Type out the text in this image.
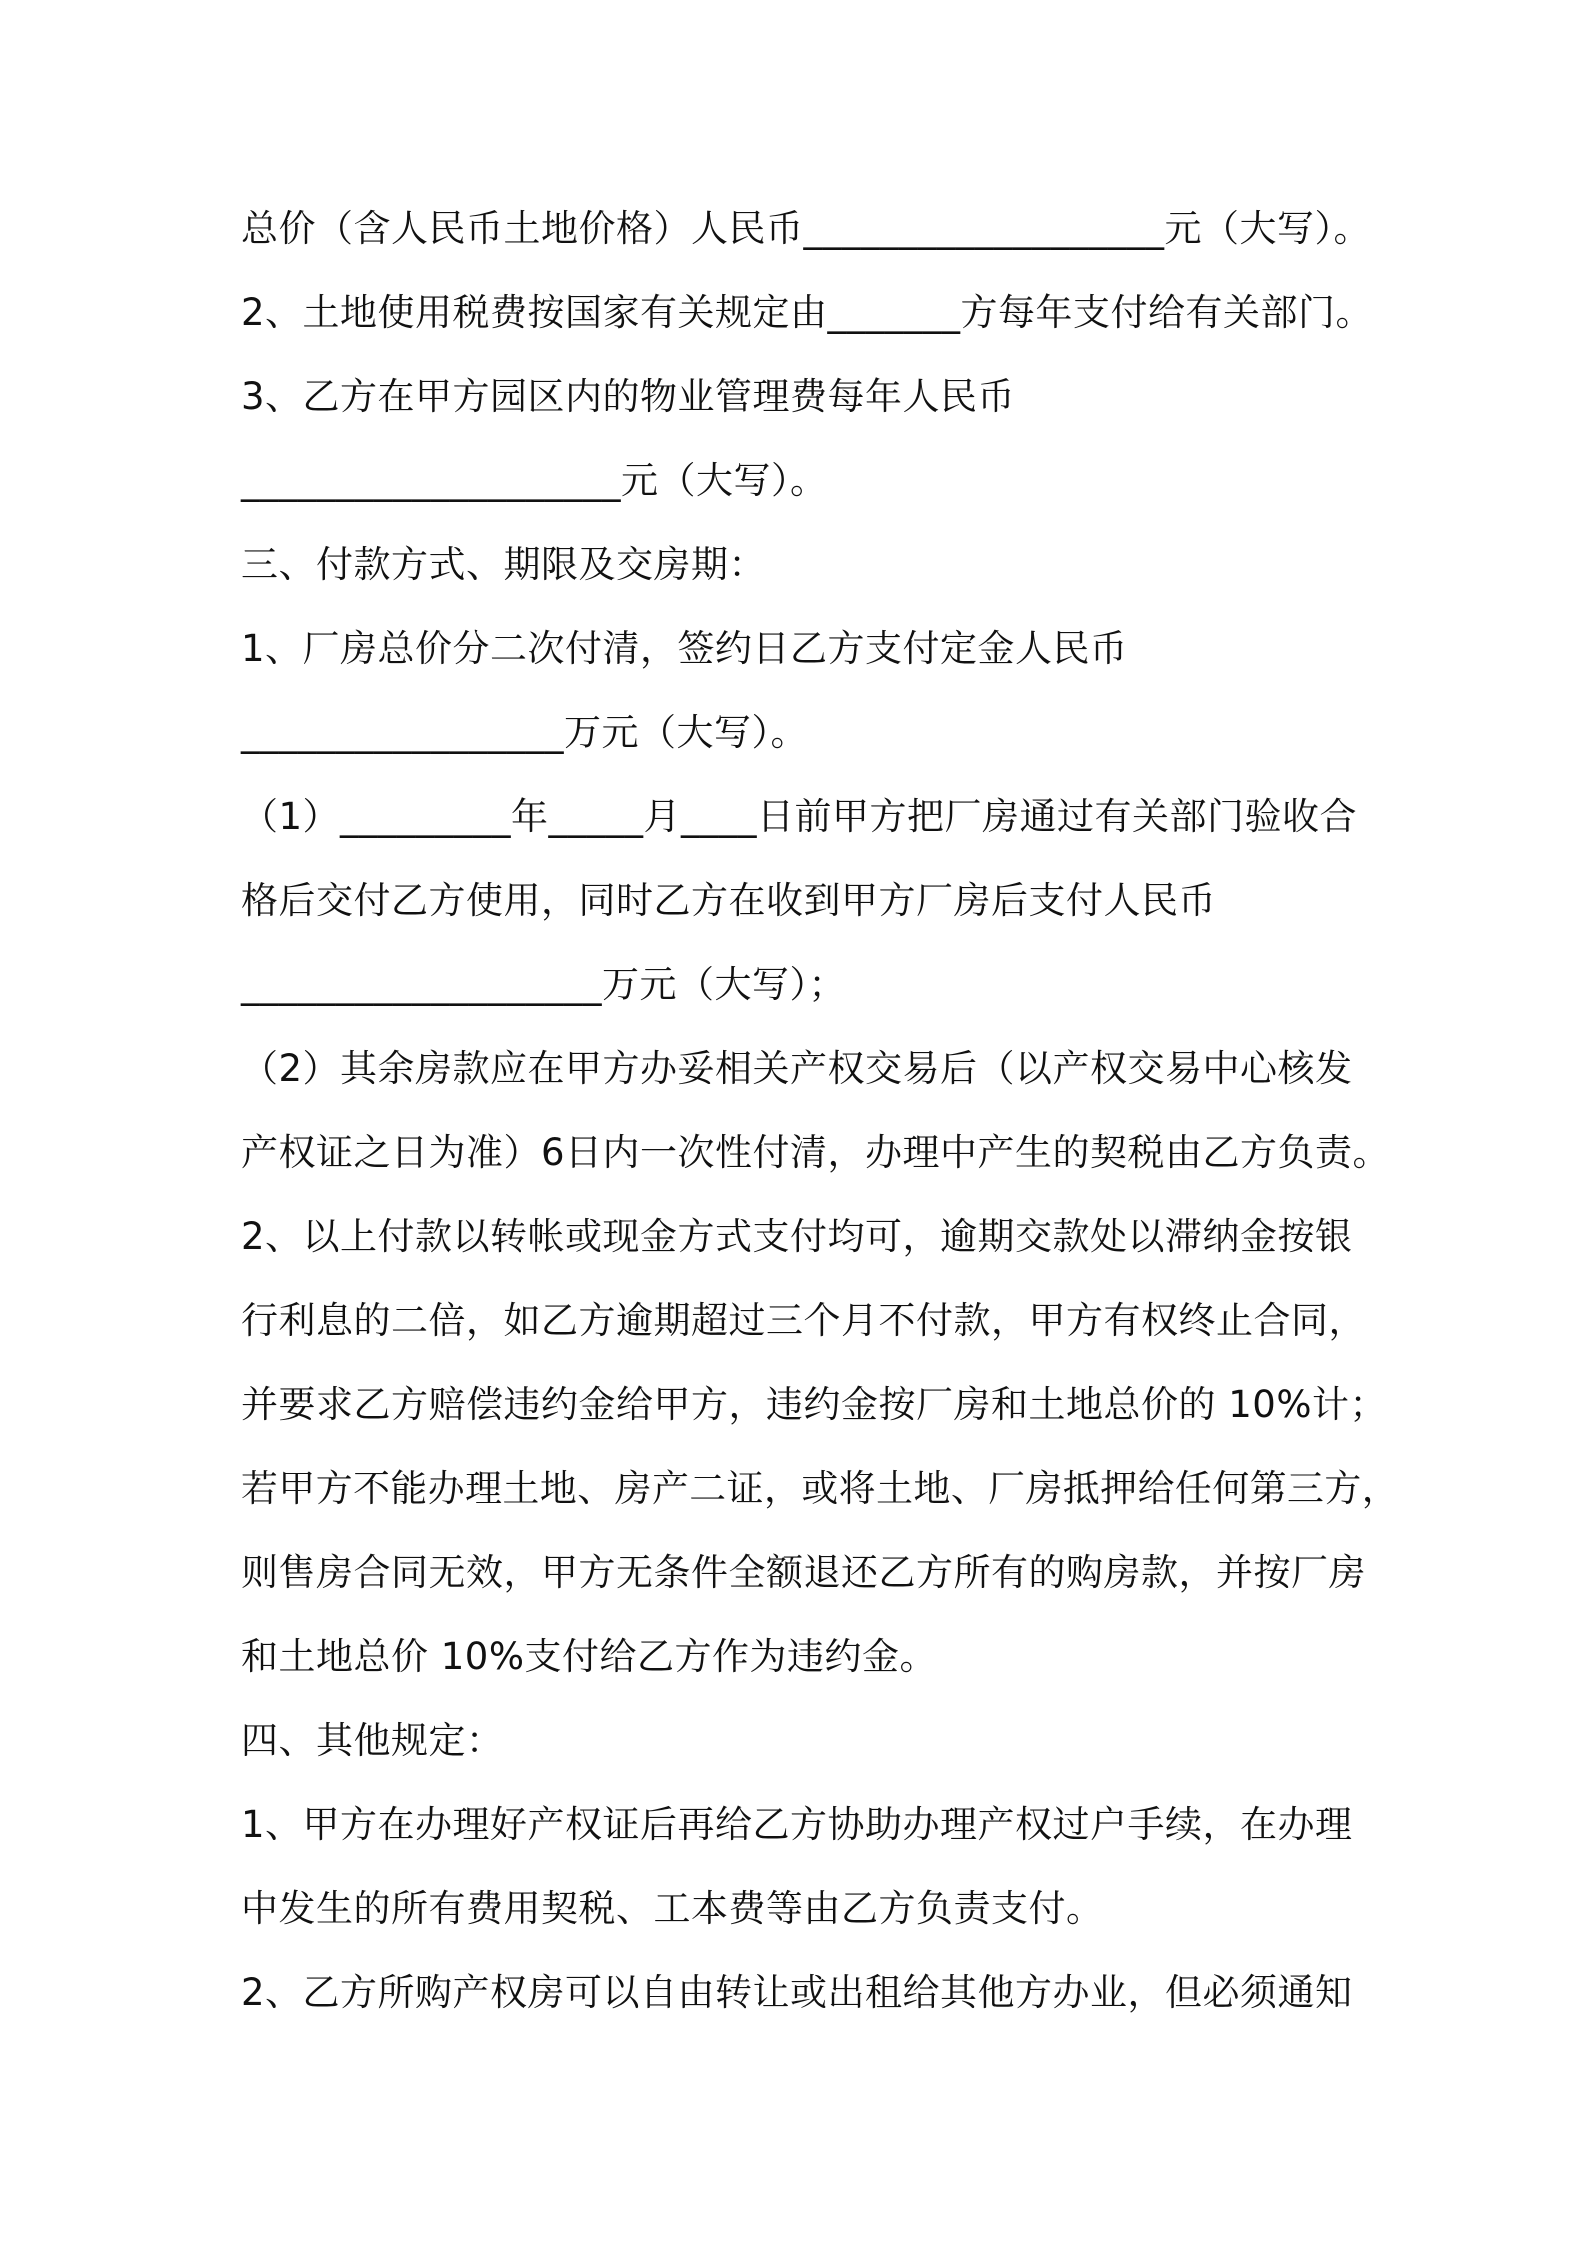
总价（含人民币土地价格）人民币___________________元（大写）。

2、土地使用税费按国家有关规定由_______方每年支付给有关部门。

3、乙方在甲方园区内的物业管理费每年人民币

____________________元（大写）。

三、付款方式、期限及交房期：

1、厂房总价分二次付清，签约日乙方支付定金人民币

_________________万元（大写）。

（1）_________年_____月____日前甲方把厂房通过有关部门验收合

格后交付乙方使用，同时乙方在收到甲方厂房后支付人民币

___________________万元（大写）；

（2）其余房款应在甲方办妥相关产权交易后（以产权交易中心核发

产权证之日为准）6日内一次性付清，办理中产生的契税由乙方负责。

2、以上付款以转帐或现金方式支付均可，逾期交款处以滞纳金按银

行利息的二倍，如乙方逾期超过三个月不付款，甲方有权终止合同，

并要求乙方赔偿违约金给甲方，违约金按厂房和土地总价的 10%计；

若甲方不能办理土地、房产二证，或将土地、厂房抵押给任何第三方，

则售房合同无效，甲方无条件全额退还乙方所有的购房款，并按厂房

和土地总价 10%支付给乙方作为违约金。

四、其他规定：

1、甲方在办理好产权证后再给乙方协助办理产权过户手续，在办理

中发生的所有费用契税、工本费等由乙方负责支付。

2、乙方所购产权房可以自由转让或出租给其他方办业，但必须通知
